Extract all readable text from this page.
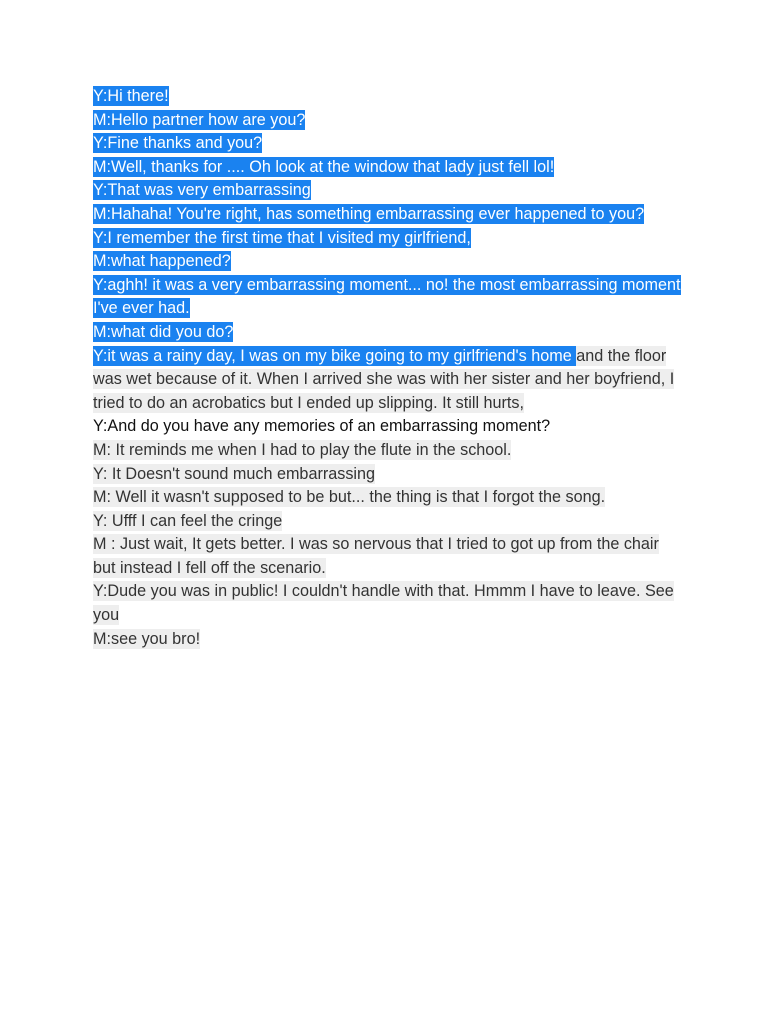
Y:Hi there!

M:Hello partner how are you?

Y:Fine thanks and you?

M:Well, thanks for .... Oh look at the window that lady just fell lol!

Y:That was very embarrassing

M:Hahaha! You're right, has something embarrassing ever happened to you?

Y:I remember the first time that I visited my girlfriend,

M:what happened?

Y:aghh! it was a very embarrassing moment... no! the most embarrassing moment I've ever had.

M:what did you do?

Y:it was a rainy day, I was on my bike going to my girlfriend's home and the floor was wet because of it. When I arrived she was with her sister and her boyfriend, I tried to do an acrobatics but I ended up slipping. It still hurts,

Y:And do you have any memories of an embarrassing moment?

M: It reminds me when I had to play the flute in the school.

Y: It Doesn't sound much embarrassing

M: Well it wasn't supposed to be but... the thing is that I forgot the song.

Y: Ufff I can feel the cringe

M : Just wait, It gets better. I was so nervous that I tried to got up from the chair but instead I fell off the scenario.

Y:Dude you was in public! I couldn't handle with that. Hmmm I have to leave. See you

M:see you bro!
